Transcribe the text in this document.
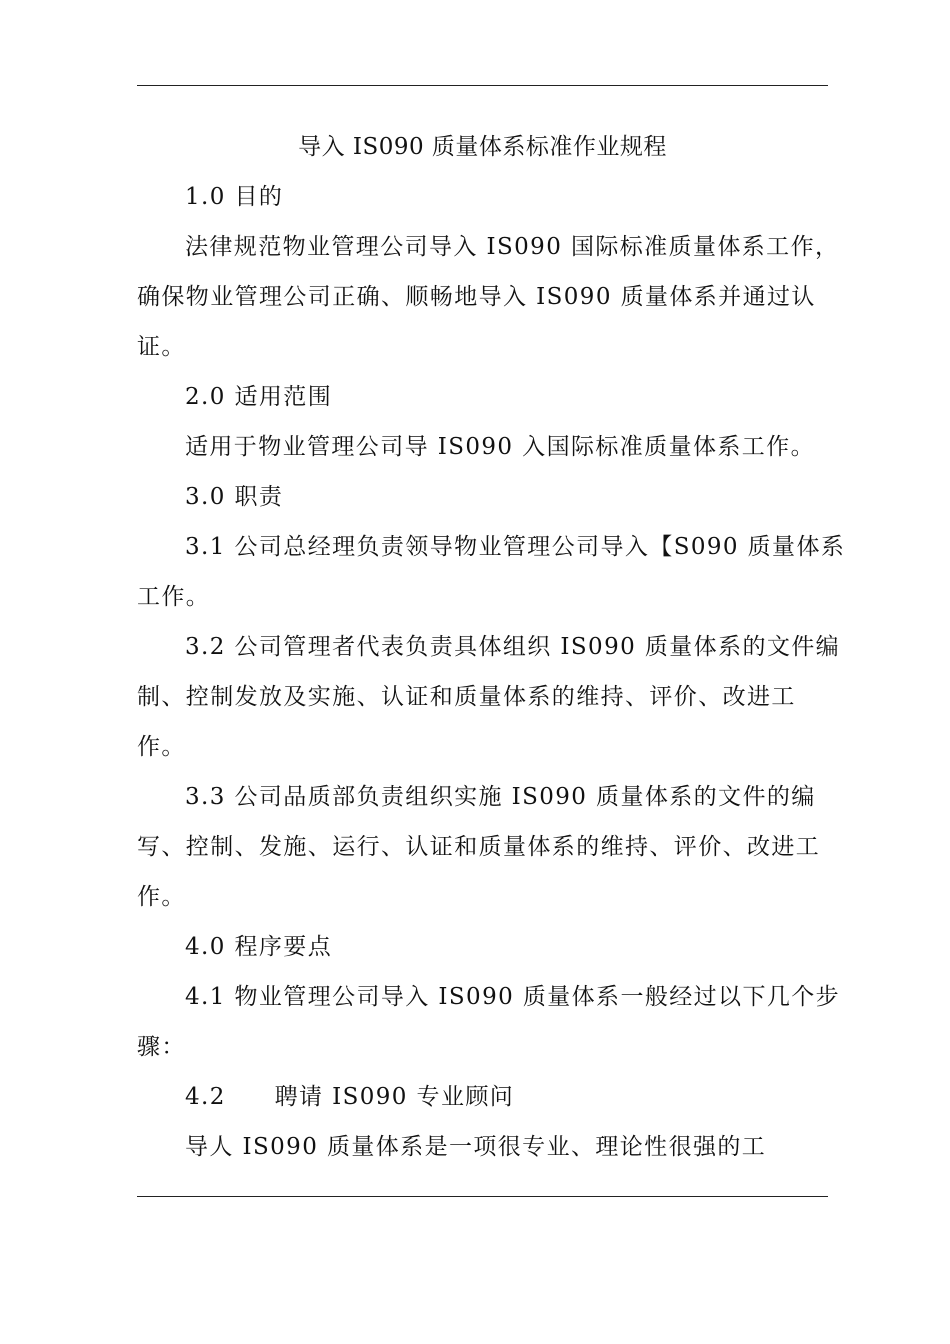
导入 IS090 质量体系标准作业规程

1.0 目的

法律规范物业管理公司导入 IS090 国际标准质量体系工作，
确保物业管理公司正确、顺畅地导入 IS090 质量体系并通过认
证。

2.0 适用范围

适用于物业管理公司导 IS090 入国际标准质量体系工作。

3.0 职责

3.1 公司总经理负责领导物业管理公司导入【S090 质量体系
工作。

3.2 公司管理者代表负责具体组织 IS090 质量体系的文件编
制、控制发放及实施、认证和质量体系的维持、评价、改进工
作。

3.3 公司品质部负责组织实施 IS090 质量体系的文件的编
写、控制、发施、运行、认证和质量体系的维持、评价、改进工
作。

4.0 程序要点

4.1 物业管理公司导入 IS090 质量体系一般经过以下几个步
骤：

4.2　　聘请 IS090 专业顾问

导人 IS090 质量体系是一项很专业、理论性很强的工
